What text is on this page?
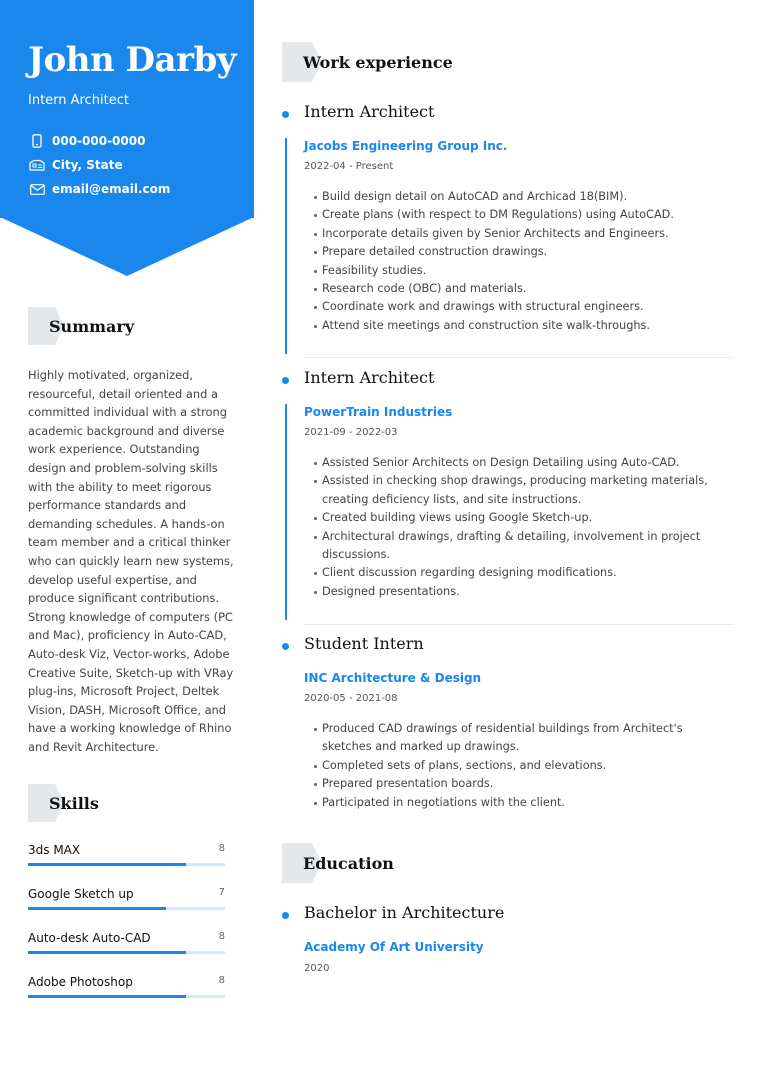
John Darby
Intern Architect
000-000-0000
City, State
email@email.com
Summary
Highly motivated, organized, resourceful, detail oriented and a committed individual with a strong academic background and diverse work experience. Outstanding design and problem-solving skills with the ability to meet rigorous performance standards and demanding schedules. A hands-on team member and a critical thinker who can quickly learn new systems, develop useful expertise, and produce significant contributions. Strong knowledge of computers (PC and Mac), proficiency in Auto-CAD, Auto-desk Viz, Vector-works, Adobe Creative Suite, Sketch-up with VRay plug-ins, Microsoft Project, Deltek Vision, DASH, Microsoft Office, and have a working knowledge of Rhino and Revit Architecture.
Skills
3ds MAX	8
Google Sketch up	7
Auto-desk Auto-CAD	8
Adobe Photoshop	8
Work experience
Intern Architect
Jacobs Engineering Group Inc.
2022-04 - Present
Build design detail on AutoCAD and Archicad 18(BIM).
Create plans (with respect to DM Regulations) using AutoCAD.
Incorporate details given by Senior Architects and Engineers.
Prepare detailed construction drawings.
Feasibility studies.
Research code (OBC) and materials.
Coordinate work and drawings with structural engineers.
Attend site meetings and construction site walk-throughs.
Intern Architect
PowerTrain Industries
2021-09 - 2022-03
Assisted Senior Architects on Design Detailing using Auto-CAD.
Assisted in checking shop drawings, producing marketing materials, creating deficiency lists, and site instructions.
Created building views using Google Sketch-up.
Architectural drawings, drafting & detailing, involvement in project discussions.
Client discussion regarding designing modifications.
Designed presentations.
Student Intern
INC Architecture & Design
2020-05 - 2021-08
Produced CAD drawings of residential buildings from Architect's sketches and marked up drawings.
Completed sets of plans, sections, and elevations.
Prepared presentation boards.
Participated in negotiations with the client.
Education
Bachelor in Architecture
Academy Of Art University
2020
